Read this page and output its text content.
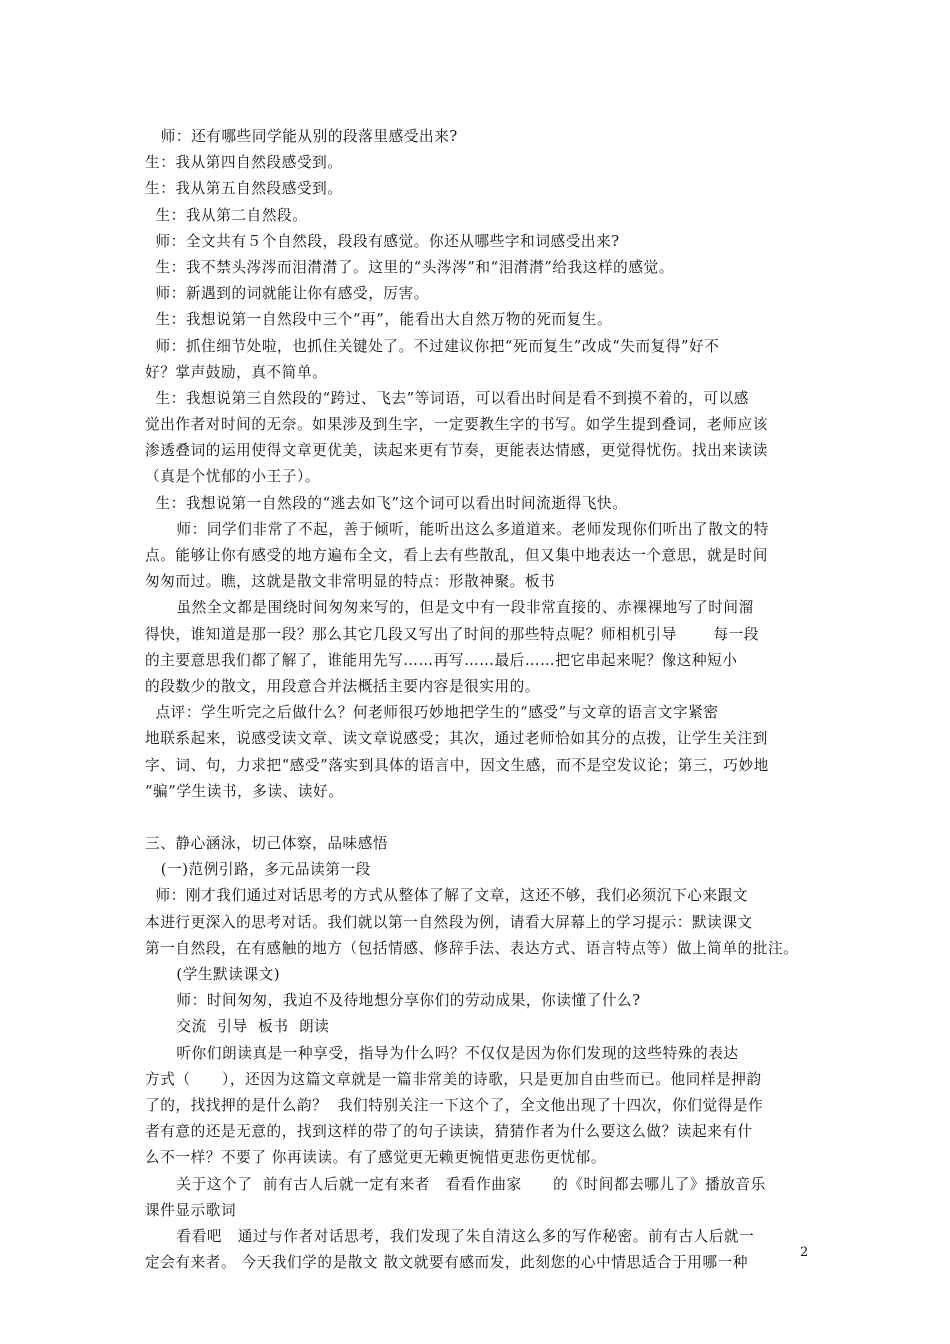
师：还有哪些同学能从别的段落里感受出来?
生：我从第四自然段感受到。
生：我从第五自然段感受到。
生：我从第二自然段。
师：全文共有５个自然段，段段有感觉。你还从哪些字和词感受出来?
生：我不禁头涔涔而泪潸潸了。这里的“头涔涔”和“泪潸潸”给我这样的感觉。
师：新遇到的词就能让你有感受，厉害。
生：我想说第一自然段中三个“再”，能看出大自然万物的死而复生。
师：抓住细节处啦，也抓住关键处了。不过建议你把“死而复生”改成“失而复得”好不
好？掌声鼓励，真不简单。
生：我想说第三自然段的“跨过、飞去”等词语，可以看出时间是看不到摸不着的，可以感
觉出作者对时间的无奈。如果涉及到生字，一定要教生字的书写。如学生提到叠词，老师应该
渗透叠词的运用使得文章更优美，读起来更有节奏，更能表达情感，更觉得忧伤。找出来读读
（真是个忧郁的小王子）。
生：我想说第一自然段的“逃去如飞”这个词可以看出时间流逝得飞快。
师：同学们非常了不起，善于倾听，能听出这么多道道来。老师发现你们听出了散文的特
点。能够让你有感受的地方遍布全文，看上去有些散乱，但又集中地表达一个意思，就是时间
匆匆而过。瞧，这就是散文非常明显的特点：形散神聚。板书
虽然全文都是围绕时间匆匆来写的，但是文中有一段非常直接的、赤裸裸地写了时间溜
得快，谁知道是那一段？那么其它几段又写出了时间的那些特点呢？师相机引导       每一段
的主要意思我们都了解了，谁能用先写……再写……最后……把它串起来呢？像这种短小
的段数少的散文，用段意合并法概括主要内容是很实用的。
点评：学生听完之后做什么？何老师很巧妙地把学生的“感受”与文章的语言文字紧密
地联系起来，说感受读文章、读文章说感受；其次，通过老师恰如其分的点拨，让学生关注到
字、词、句，力求把“感受”落实到具体的语言中，因文生感，而不是空发议论；第三，巧妙地
“骗”学生读书，多读、读好。
三、静心涵泳，切己体察，品味感悟
(一)范例引路，多元品读第一段
师：刚才我们通过对话思考的方式从整体了解了文章，这还不够，我们必须沉下心来跟文
本进行更深入的思考对话。我们就以第一自然段为例，请看大屏幕上的学习提示：默读课文
第一自然段，在有感触的地方（包括情感、修辞手法、表达方式、语言特点等）做上简单的批注。
(学生默读课文)
师：时间匆匆，我迫不及待地想分享你们的劳动成果，你读懂了什么?
交流  引导  板书  朗读
听你们朗读真是一种享受，指导为什么吗？不仅仅是因为你们发现的这些特殊的表达
方式（      ），还因为这篇文章就是一篇非常美的诗歌，只是更加自由些而已。他同样是押韵
了的，找找押的是什么韵？  我们特别关注一下这个了，全文他出现了十四次，你们觉得是作
者有意的还是无意的，找到这样的带了的句子读读，猜猜作者为什么要这么做？读起来有什
么不一样？不要了 你再读读。有了感觉更无赖更惋惜更悲伤更忧郁。
关于这个了  前有古人后就一定有来者   看看作曲家      的《时间都去哪儿了》播放音乐
课件显示歌词
看看吧   通过与作者对话思考，我们发现了朱自清这么多的写作秘密。前有古人后就一
定会有来者。 今天我们学的是散文 散文就要有感而发，此刻您的心中情思适合于用哪一种
2
